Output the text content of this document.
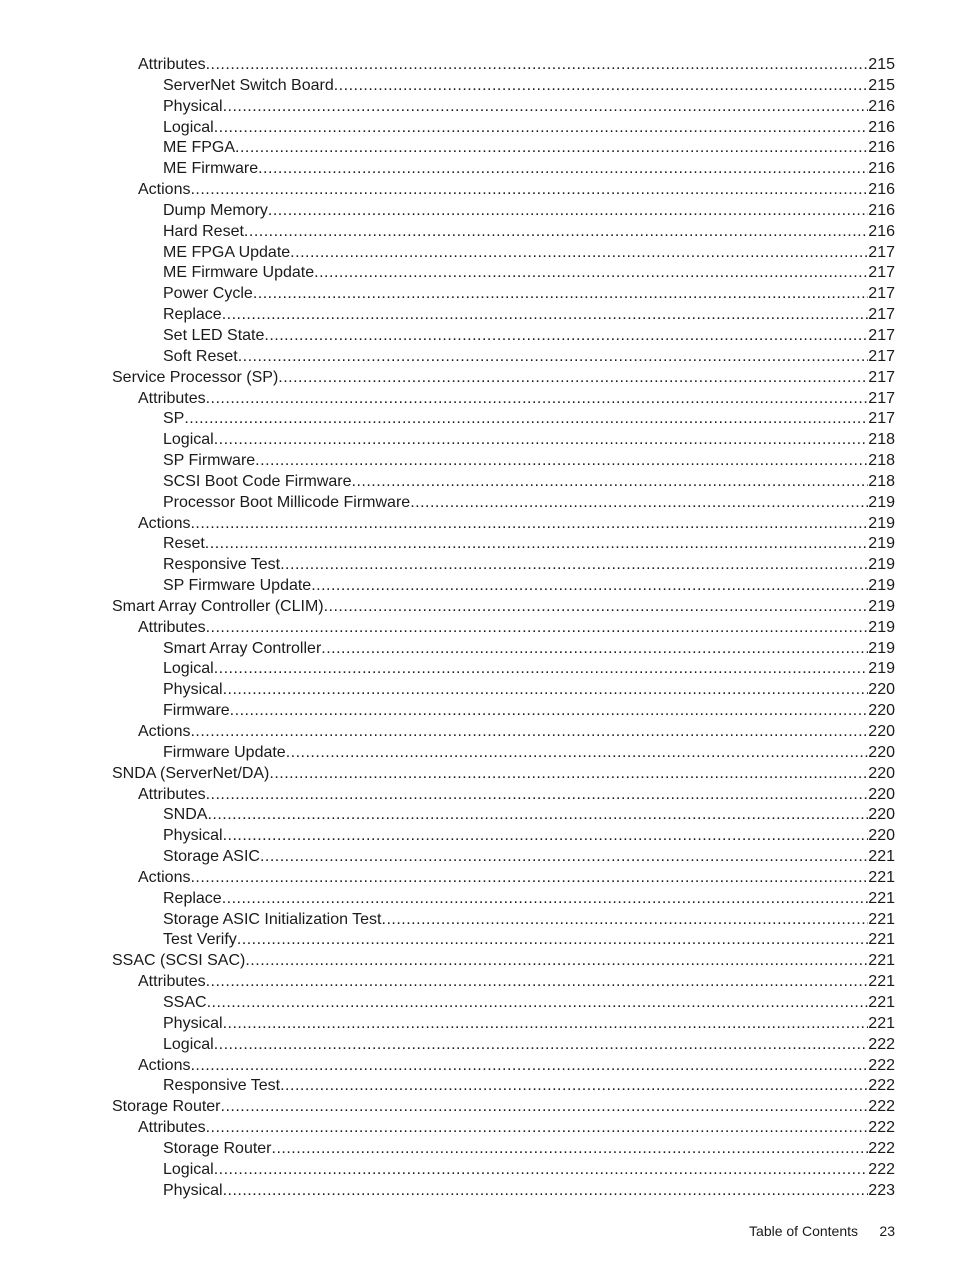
Attributes .....	215
ServerNet Switch Board .....	215
Physical .....	216
Logical .....	216
ME FPGA .....	216
ME Firmware .....	216
Actions .....	216
Dump Memory .....	216
Hard Reset .....	216
ME FPGA Update .....	217
ME Firmware Update .....	217
Power Cycle .....	217
Replace .....	217
Set LED State .....	217
Soft Reset .....	217
Service Processor (SP) .....	217
Attributes .....	217
SP .....	217
Logical .....	218
SP Firmware .....	218
SCSI Boot Code Firmware .....	218
Processor Boot Millicode Firmware .....	219
Actions .....	219
Reset .....	219
Responsive Test .....	219
SP Firmware Update .....	219
Smart Array Controller (CLIM) .....	219
Attributes .....	219
Smart Array Controller .....	219
Logical .....	219
Physical .....	220
Firmware .....	220
Actions .....	220
Firmware Update .....	220
SNDA (ServerNet/DA) .....	220
Attributes .....	220
SNDA .....	220
Physical .....	220
Storage ASIC .....	221
Actions .....	221
Replace .....	221
Storage ASIC Initialization Test .....	221
Test Verify .....	221
SSAC (SCSI SAC) .....	221
Attributes .....	221
SSAC .....	221
Physical .....	221
Logical .....	222
Actions .....	222
Responsive Test .....	222
Storage Router .....	222
Attributes .....	222
Storage Router .....	222
Logical .....	222
Physical .....	223
Table of Contents 23
